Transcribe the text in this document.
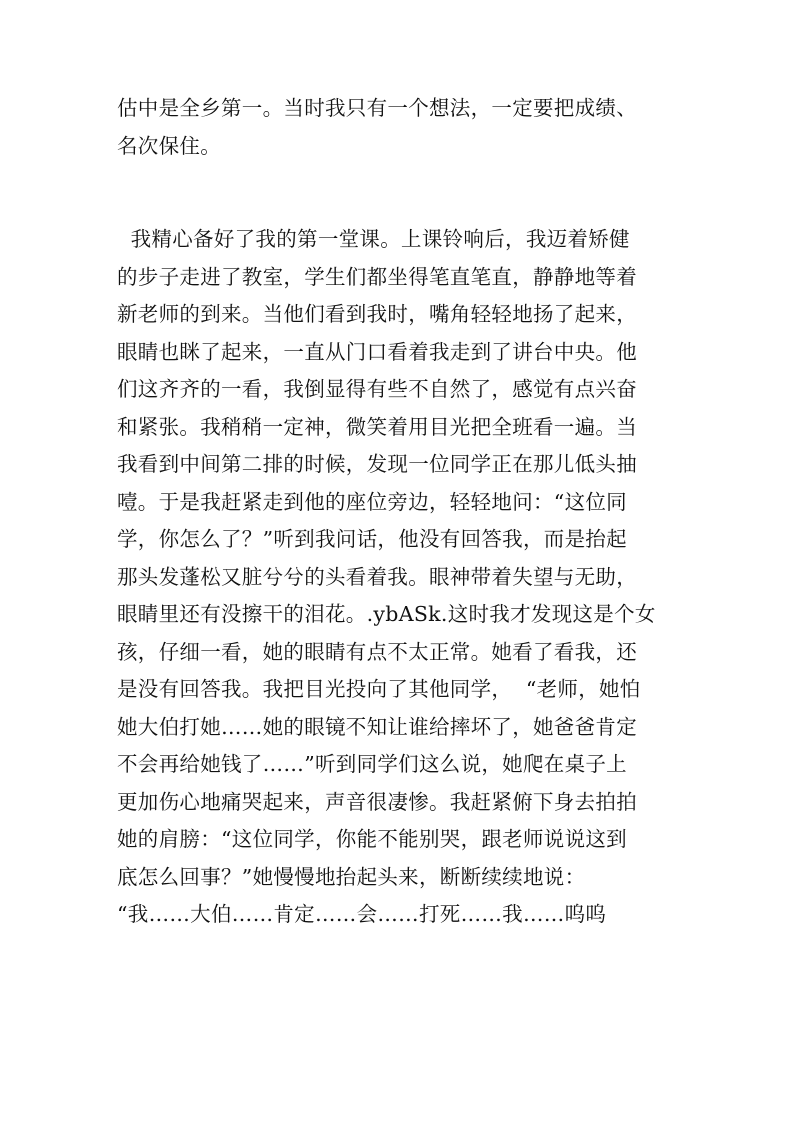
估中是全乡第一。当时我只有一个想法，一定要把成绩、
名次保住。
我精心备好了我的第一堂课。上课铃响后，我迈着矫健
的步子走进了教室，学生们都坐得笔直笔直，静静地等着
新老师的到来。当他们看到我时，嘴角轻轻地扬了起来，
眼睛也眯了起来，一直从门口看着我走到了讲台中央。他
们这齐齐的一看，我倒显得有些不自然了，感觉有点兴奋
和紧张。我稍稍一定神，微笑着用目光把全班看一遍。当
我看到中间第二排的时候，发现一位同学正在那儿低头抽
噎。于是我赶紧走到他的座位旁边，轻轻地问：“这位同
学，你怎么了？”听到我问话，他没有回答我，而是抬起
那头发蓬松又脏兮兮的头看着我。眼神带着失望与无助，
眼睛里还有没擦干的泪花。.ybASk.这时我才发现这是个女
孩，仔细一看，她的眼睛有点不太正常。她看了看我，还
是没有回答我。我把目光投向了其他同学，  “老师，她怕
她大伯打她……她的眼镜不知让谁给摔坏了，她爸爸肯定
不会再给她钱了……”听到同学们这么说，她爬在桌子上
更加伤心地痛哭起来，声音很凄惨。我赶紧俯下身去拍拍
她的肩膀：“这位同学，你能不能别哭，跟老师说说这到
底怎么回事？”她慢慢地抬起头来，断断续续地说：
“我……大伯……肯定……会……打死……我……呜呜
